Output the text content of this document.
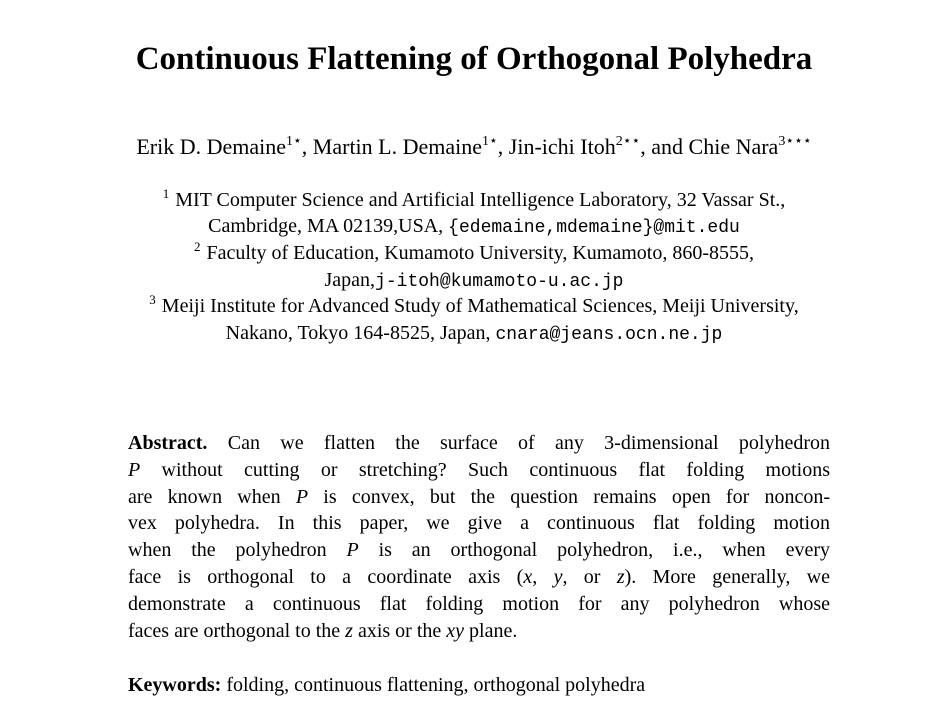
Continuous Flattening of Orthogonal Polyhedra
Erik D. Demaine$^{1⋆}$, Martin L. Demaine$^{1⋆}$, Jin-ichi Itoh$^{2⋆⋆}$, and Chie Nara$^{3⋆⋆⋆}$
$^1$ MIT Computer Science and Artificial Intelligence Laboratory, 32 Vassar St.,
Cambridge, MA 02139,USA, {edemaine,mdemaine}@mit.edu
$^2$ Faculty of Education, Kumamoto University, Kumamoto, 860-8555,
Japan,j-itoh@kumamoto-u.ac.jp
$^3$ Meiji Institute for Advanced Study of Mathematical Sciences, Meiji University,
Nakano, Tokyo 164-8525, Japan, cnara@jeans.ocn.ne.jp
Abstract. Can we flatten the surface of any 3-dimensional polyhedron
P without cutting or stretching? Such continuous flat folding motions
are known when P is convex, but the question remains open for noncon-
vex polyhedra. In this paper, we give a continuous flat folding motion
when the polyhedron P is an orthogonal polyhedron, i.e., when every
face is orthogonal to a coordinate axis (x, y, or z). More generally, we
demonstrate a continuous flat folding motion for any polyhedron whose
faces are orthogonal to the z axis or the xy plane.
Keywords: folding, continuous flattening, orthogonal polyhedra
